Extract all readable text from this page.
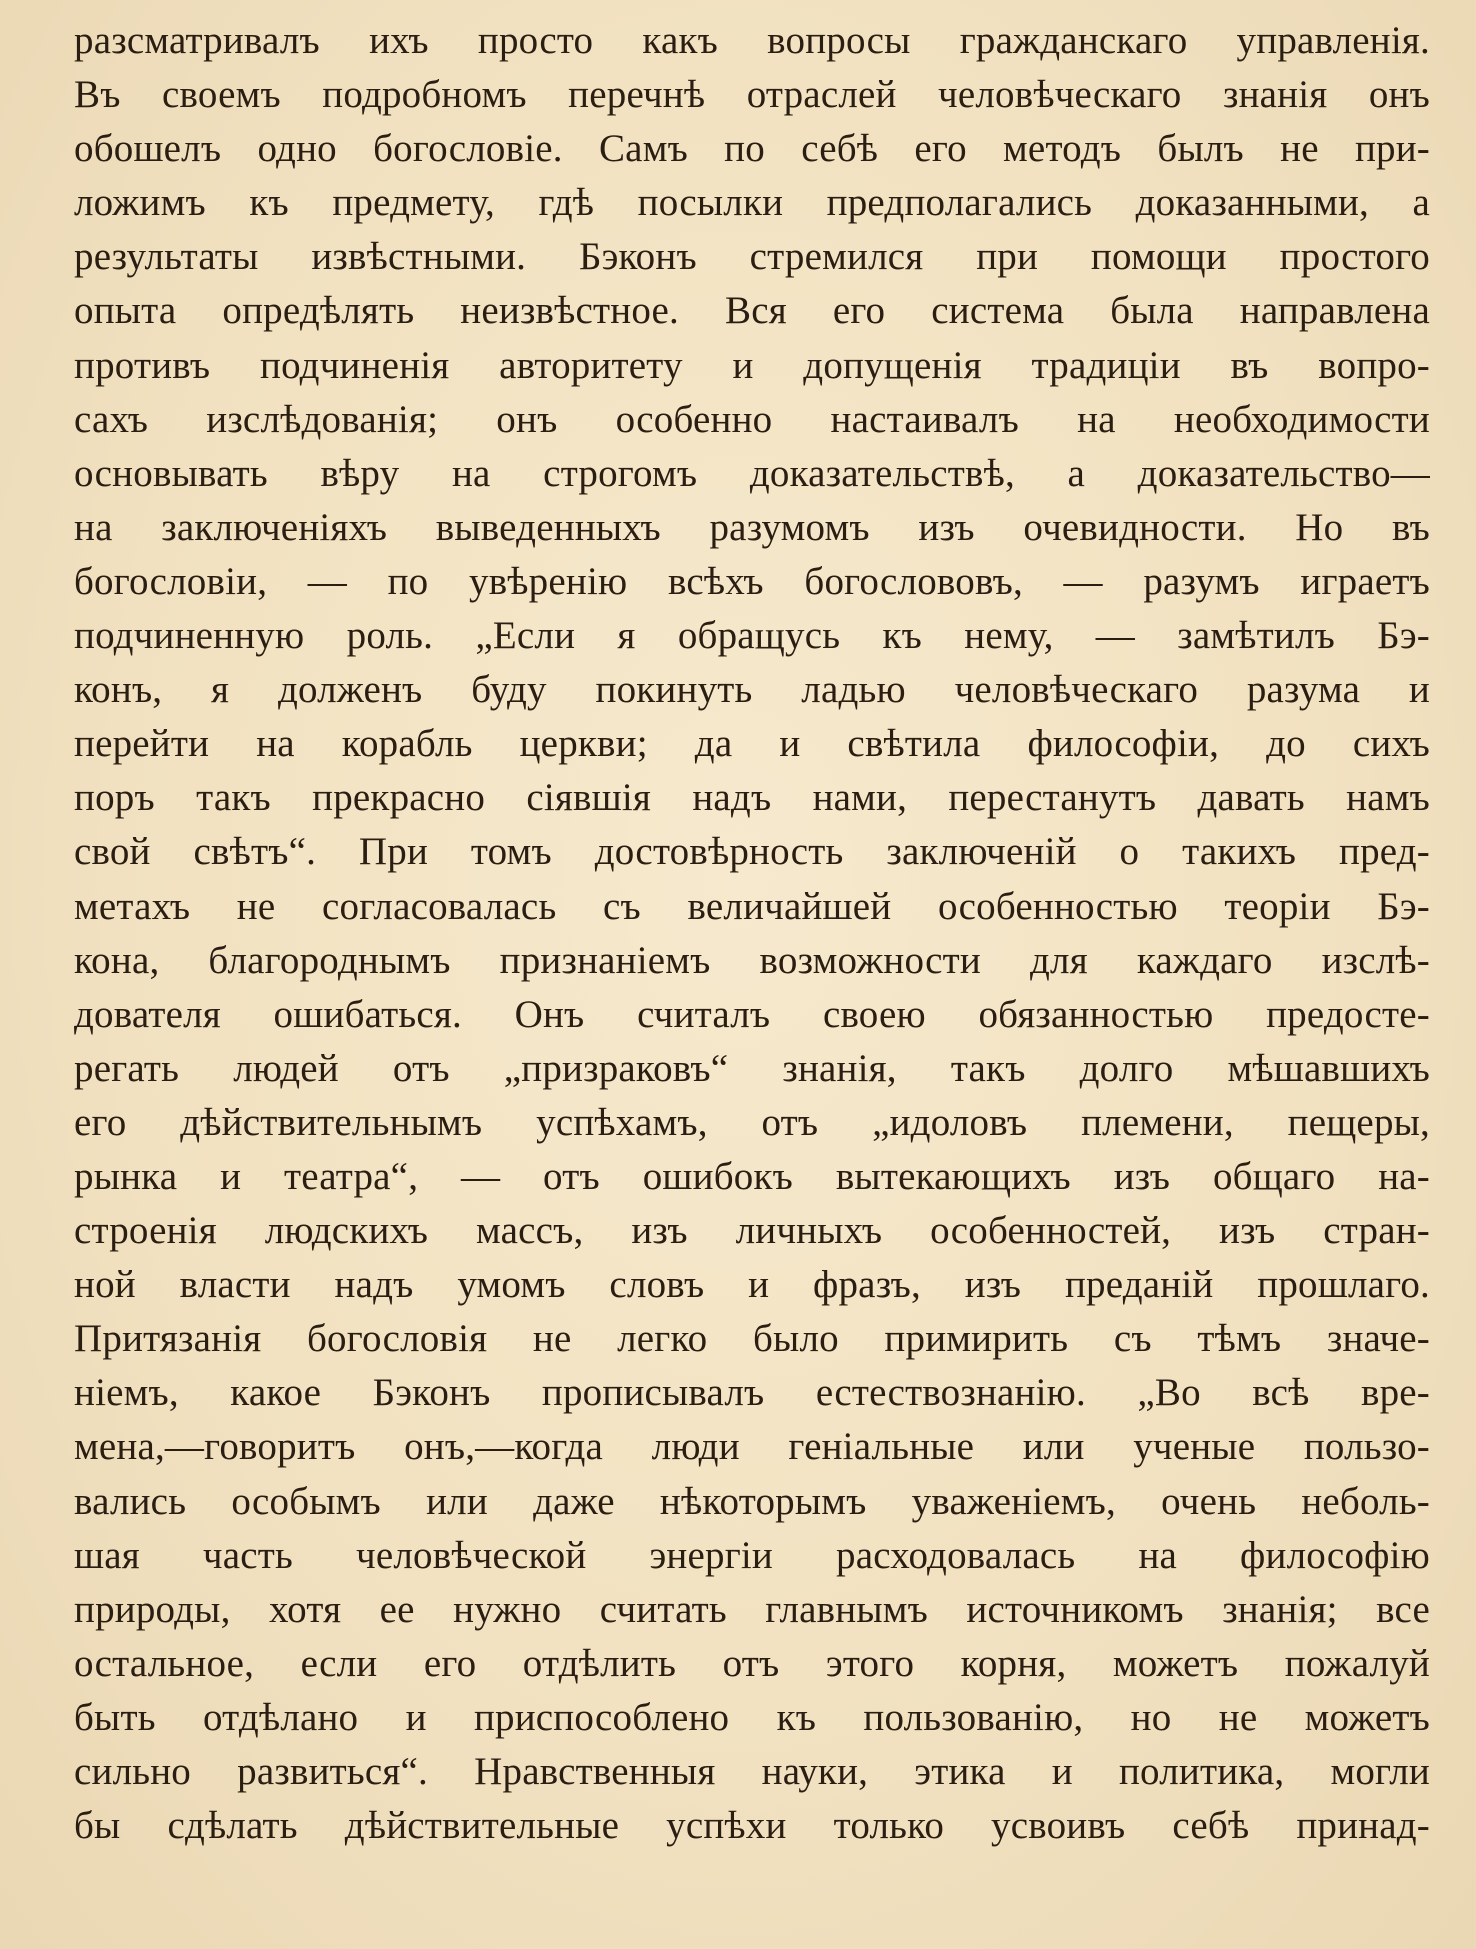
разсматривалъ ихъ просто какъ вопросы гражданскаго управленія.
Въ своемъ подробномъ перечнѣ отраслей человѣческаго знанія онъ
обошелъ одно богословіе. Самъ по себѣ его методъ былъ не при-
ложимъ къ предмету, гдѣ посылки предполагались доказанными, а
результаты извѣстными. Бэконъ стремился при помощи простого
опыта опредѣлять неизвѣстное. Вся его система была направлена
противъ подчиненія авторитету и допущенія традиціи въ вопро-
сахъ изслѣдованія; онъ особенно настаивалъ на необходимости
основывать вѣру на строгомъ доказательствѣ, а доказательство—
на заключеніяхъ выведенныхъ разумомъ изъ очевидности. Но въ
богословіи, — по увѣренію всѣхъ богослововъ, — разумъ играетъ
подчиненную роль. „Если я обращусь къ нему, — замѣтилъ Бэ-
конъ, я долженъ буду покинуть ладью человѣческаго разума и
перейти на корабль церкви; да и свѣтила философіи, до сихъ
поръ такъ прекрасно сіявшія надъ нами, перестанутъ давать намъ
свой свѣтъ“. При томъ достовѣрность заключеній о такихъ пред-
метахъ не согласовалась съ величайшей особенностью теоріи Бэ-
кона, благороднымъ признаніемъ возможности для каждаго изслѣ-
дователя ошибаться. Онъ считалъ своею обязанностью предосте-
регать людей отъ „призраковъ“ знанія, такъ долго мѣшавшихъ
его дѣйствительнымъ успѣхамъ, отъ „идоловъ племени, пещеры,
рынка и театра“, — отъ ошибокъ вытекающихъ изъ общаго на-
строенія людскихъ массъ, изъ личныхъ особенностей, изъ стран-
ной власти надъ умомъ словъ и фразъ, изъ преданій прошлаго.
Притязанія богословія не легко было примирить съ тѣмъ значе-
ніемъ, какое Бэконъ прописывалъ естествознанію. „Во всѣ вре-
мена,—говоритъ онъ,—когда люди геніальные или ученые пользо-
вались особымъ или даже нѣкоторымъ уваженіемъ, очень неболь-
шая часть человѣческой энергіи расходовалась на философію
природы, хотя ее нужно считать главнымъ источникомъ знанія; все
остальное, если его отдѣлить отъ этого корня, можетъ пожалуй
быть отдѣлано и приспособлено къ пользованію, но не можетъ
сильно развиться“. Нравственныя науки, этика и политика, могли
бы сдѣлать дѣйствительные успѣхи только усвоивъ себѣ принад-
